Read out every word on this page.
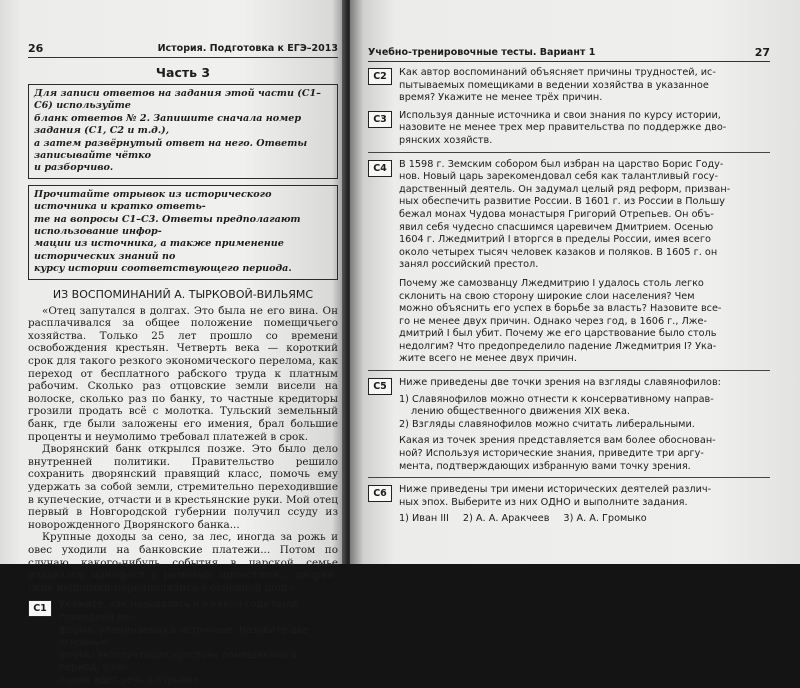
26	История. Подготовка к ЕГЭ–2013
Часть 3
Для записи ответов на задания этой части (С1–С6) используйте
бланк ответов № 2. Запишите сначала номер задания (С1, С2 и т.д.),
а затем развёрнутый ответ на него. Ответы записывайте чётко
и разборчиво.
Прочитайте отрывок из исторического источника и кратко ответь-
те на вопросы С1–С3. Ответы предполагают использование инфор-
мации из источника, а также применение исторических знаний по
курсу истории соответствующего периода.
ИЗ ВОСПОМИНАНИЙ А. ТЫРКОВОЙ-ВИЛЬЯМС

«Отец запутался в долгах. Это была не его вина. Он расплачивался за общее положение помещичьего хозяйства. Только 25 лет прошло со времени освобождения крестьян. Четверть века — короткий срок для такого резкого экономического перелома, как переход от бесплатного рабского труда к платным рабочим. Сколько раз отцовские земли висели на волоске, сколько раз по банку, то частные кредиторы грозили продать всё с молотка. Тульский земельный банк, где были заложены его имения, брал большие проценты и неумолимо требовал платежей в срок.

Дворянский банк открылся позже. Это было дело внутренней политики. Правительство решило сохранить дворянский правящий класс, помочь ему удержать за собой земли, стремительно переходившие в купеческие, отчасти и в крестьянские руки. Мой отец первый в Новгородской губернии получил ссуду из новорожденного Дворянского банка...

Крупные доходы за сено, за лес, иногда за рожь и овес уходили на банковские платежи... Потом по случаю какого-нибудь события в царской семье издавался манифест с разными милостями... дворянские недоимки перечислялись в основной долг».

С1	Укажите, как называлась и в каком году была проведена ре-
форма, упоминаемая в источнике. Назовите две основные
формы эксплуатации крестьян помещиками в период, о ко-
тором идет речь в отрывке.
Учебно-тренировочные тесты. Вариант 1	27
С2	Как автор воспоминаний объясняет причины трудностей, ис-
пытываемых помещиками в ведении хозяйства в указанное
время? Укажите не менее трёх причин.
С3	Используя данные источника и свои знания по курсу истории,
назовите не менее трех мер правительства по поддержке дво-
рянских хозяйств.
С4	В 1598 г. Земским собором был избран на царство Борис Году-
нов. Новый царь зарекомендовал себя как талантливый госу-
дарственный деятель. Он задумал целый ряд реформ, призван-
ных обеспечить развитие России. В 1601 г. из России в Польшу
бежал монах Чудова монастыря Григорий Отрепьев. Он объ-
явил себя чудесно спасшимся царевичем Дмитрием. Осенью
1604 г. Лжедмитрий I вторгся в пределы России, имея всего
около четырех тысяч человек казаков и поляков. В 1605 г. он
занял российский престол.
Почему же самозванцу Лжедмитрию I удалось столь легко
склонить на свою сторону широкие слои населения? Чем
можно объяснить его успех в борьбе за власть? Назовите все-
го не менее двух причин. Однако через год, в 1606 г., Лже-
дмитрий I был убит. Почему же его царствование было столь
недолгим? Что предопределило падение Лжедмитрия I? Ука-
жите всего не менее двух причин.
С5	Ниже приведены две точки зрения на взгляды славянофилов:
1) Славянофилов можно отнести к консервативному направ-
лению общественного движения XIX века.
2) Взгляды славянофилов можно считать либеральными.
Какая из точек зрения представляется вам более обоснован-
ной? Используя исторические знания, приведите три аргу-
мента, подтверждающих избранную вами точку зрения.
С6	Ниже приведены три имени исторических деятелей различ-
ных эпох. Выберите из них ОДНО и выполните задания.
1) Иван III 2) А. А. Аракчеев 3) А. А. Громыко
